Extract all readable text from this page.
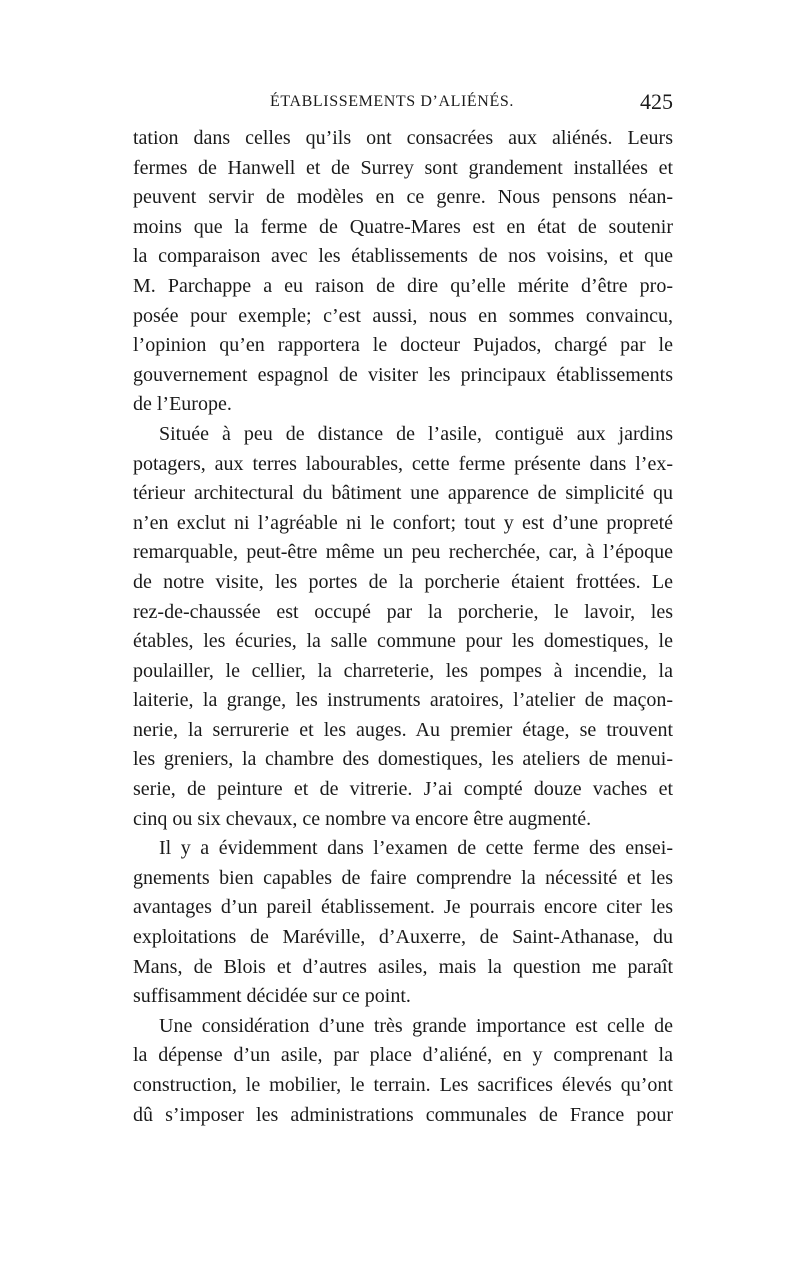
ÉTABLISSEMENTS D’ALIÉNÉS.	425
tation dans celles qu’ils ont consacrées aux aliénés. Leurs
fermes de Hanwell et de Surrey sont grandement installées et
peuvent servir de modèles en ce genre. Nous pensons néan-
moins que la ferme de Quatre-Mares est en état de soutenir
la comparaison avec les établissements de nos voisins, et que
M. Parchappe a eu raison de dire qu’elle mérite d’être pro-
posée pour exemple; c’est aussi, nous en sommes convaincu,
l’opinion qu’en rapportera le docteur Pujados, chargé par le
gouvernement espagnol de visiter les principaux établissements
de l’Europe.
Située à peu de distance de l’asile, contiguë aux jardins
potagers, aux terres labourables, cette ferme présente dans l’ex-
térieur architectural du bâtiment une apparence de simplicité qu
n’en exclut ni l’agréable ni le confort; tout y est d’une propreté
remarquable, peut-être même un peu recherchée, car, à l’époque
de notre visite, les portes de la porcherie étaient frottées. Le
rez-de-chaussée est occupé par la porcherie, le lavoir, les
étables, les écuries, la salle commune pour les domestiques, le
poulailler, le cellier, la charreterie, les pompes à incendie, la
laiterie, la grange, les instruments aratoires, l’atelier de maçon-
nerie, la serrurerie et les auges. Au premier étage, se trouvent
les greniers, la chambre des domestiques, les ateliers de menui-
serie, de peinture et de vitrerie. J’ai compté douze vaches et
cinq ou six chevaux, ce nombre va encore être augmenté.
Il y a évidemment dans l’examen de cette ferme des ensei-
gnements bien capables de faire comprendre la nécessité et les
avantages d’un pareil établissement. Je pourrais encore citer les
exploitations de Maréville, d’Auxerre, de Saint-Athanase, du
Mans, de Blois et d’autres asiles, mais la question me paraît
suffisamment décidée sur ce point.
Une considération d’une très grande importance est celle de
la dépense d’un asile, par place d’aliéné, en y comprenant la
construction, le mobilier, le terrain. Les sacrifices élevés qu’ont
dû s’imposer les administrations communales de France pour
